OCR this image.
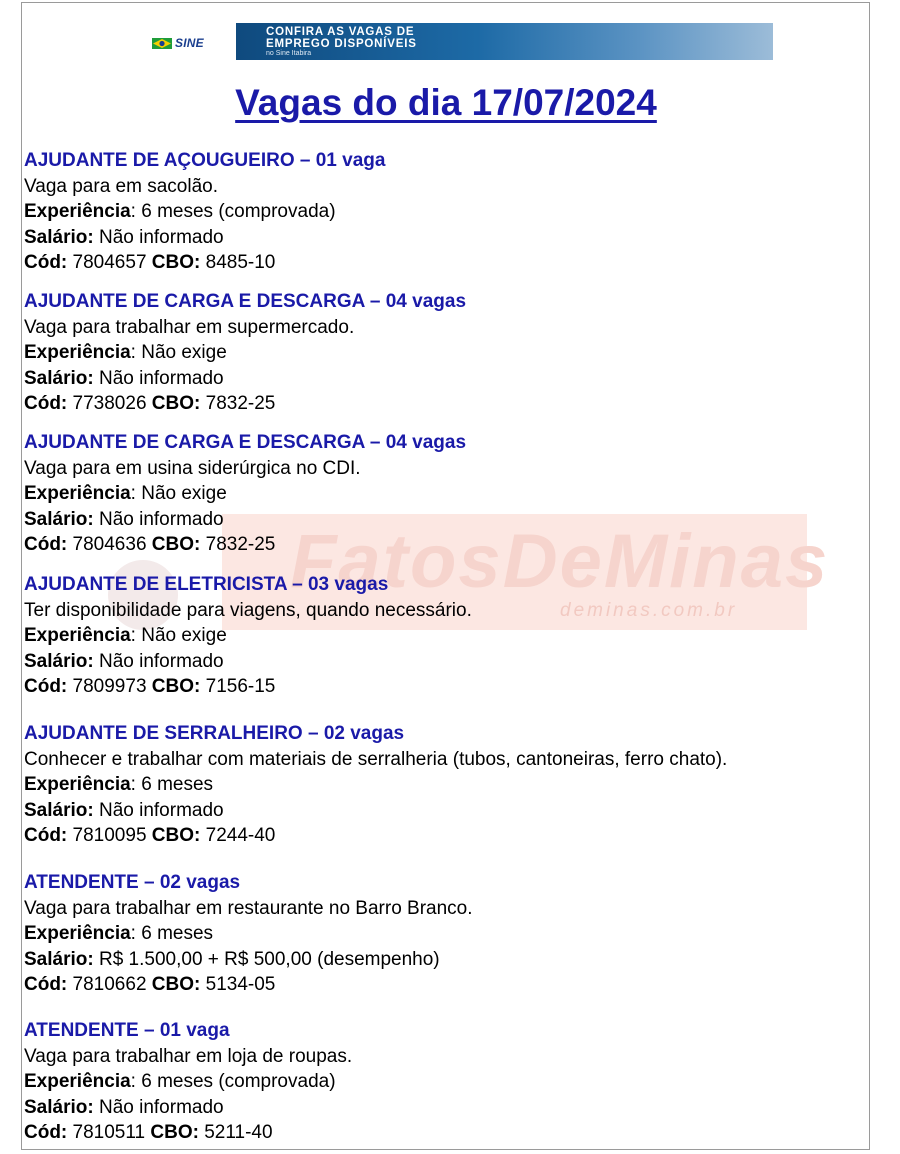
FatosDeMinas
deminas.com.br
SINE
CONFIRA AS VAGAS DE
EMPREGO DISPONÍVEIS
no Sine Itabira
Vagas do dia 17/07/2024
AJUDANTE DE AÇOUGUEIRO – 01 vaga
Vaga para em sacolão.
Experiência: 6 meses (comprovada)
Salário: Não informado
Cód: 7804657 CBO: 8485-10
AJUDANTE DE CARGA E DESCARGA – 04 vagas
Vaga para trabalhar em supermercado.
Experiência: Não exige
Salário: Não informado
Cód: 7738026 CBO: 7832-25
AJUDANTE DE CARGA E DESCARGA – 04 vagas
Vaga para em usina siderúrgica no CDI.
Experiência: Não exige
Salário: Não informado
Cód: 7804636 CBO: 7832-25
AJUDANTE DE ELETRICISTA – 03 vagas
Ter disponibilidade para viagens, quando necessário.
Experiência: Não exige
Salário: Não informado
Cód: 7809973 CBO: 7156-15
AJUDANTE DE SERRALHEIRO – 02 vagas
Conhecer e trabalhar com materiais de serralheria (tubos, cantoneiras, ferro chato).
Experiência: 6 meses
Salário: Não informado
Cód: 7810095 CBO: 7244-40
ATENDENTE – 02 vagas
Vaga para trabalhar em restaurante no Barro Branco.
Experiência: 6 meses
Salário: R$ 1.500,00 + R$ 500,00 (desempenho)
Cód: 7810662 CBO: 5134-05
ATENDENTE – 01 vaga
Vaga para trabalhar em loja de roupas.
Experiência: 6 meses (comprovada)
Salário: Não informado
Cód: 7810511 CBO: 5211-40
